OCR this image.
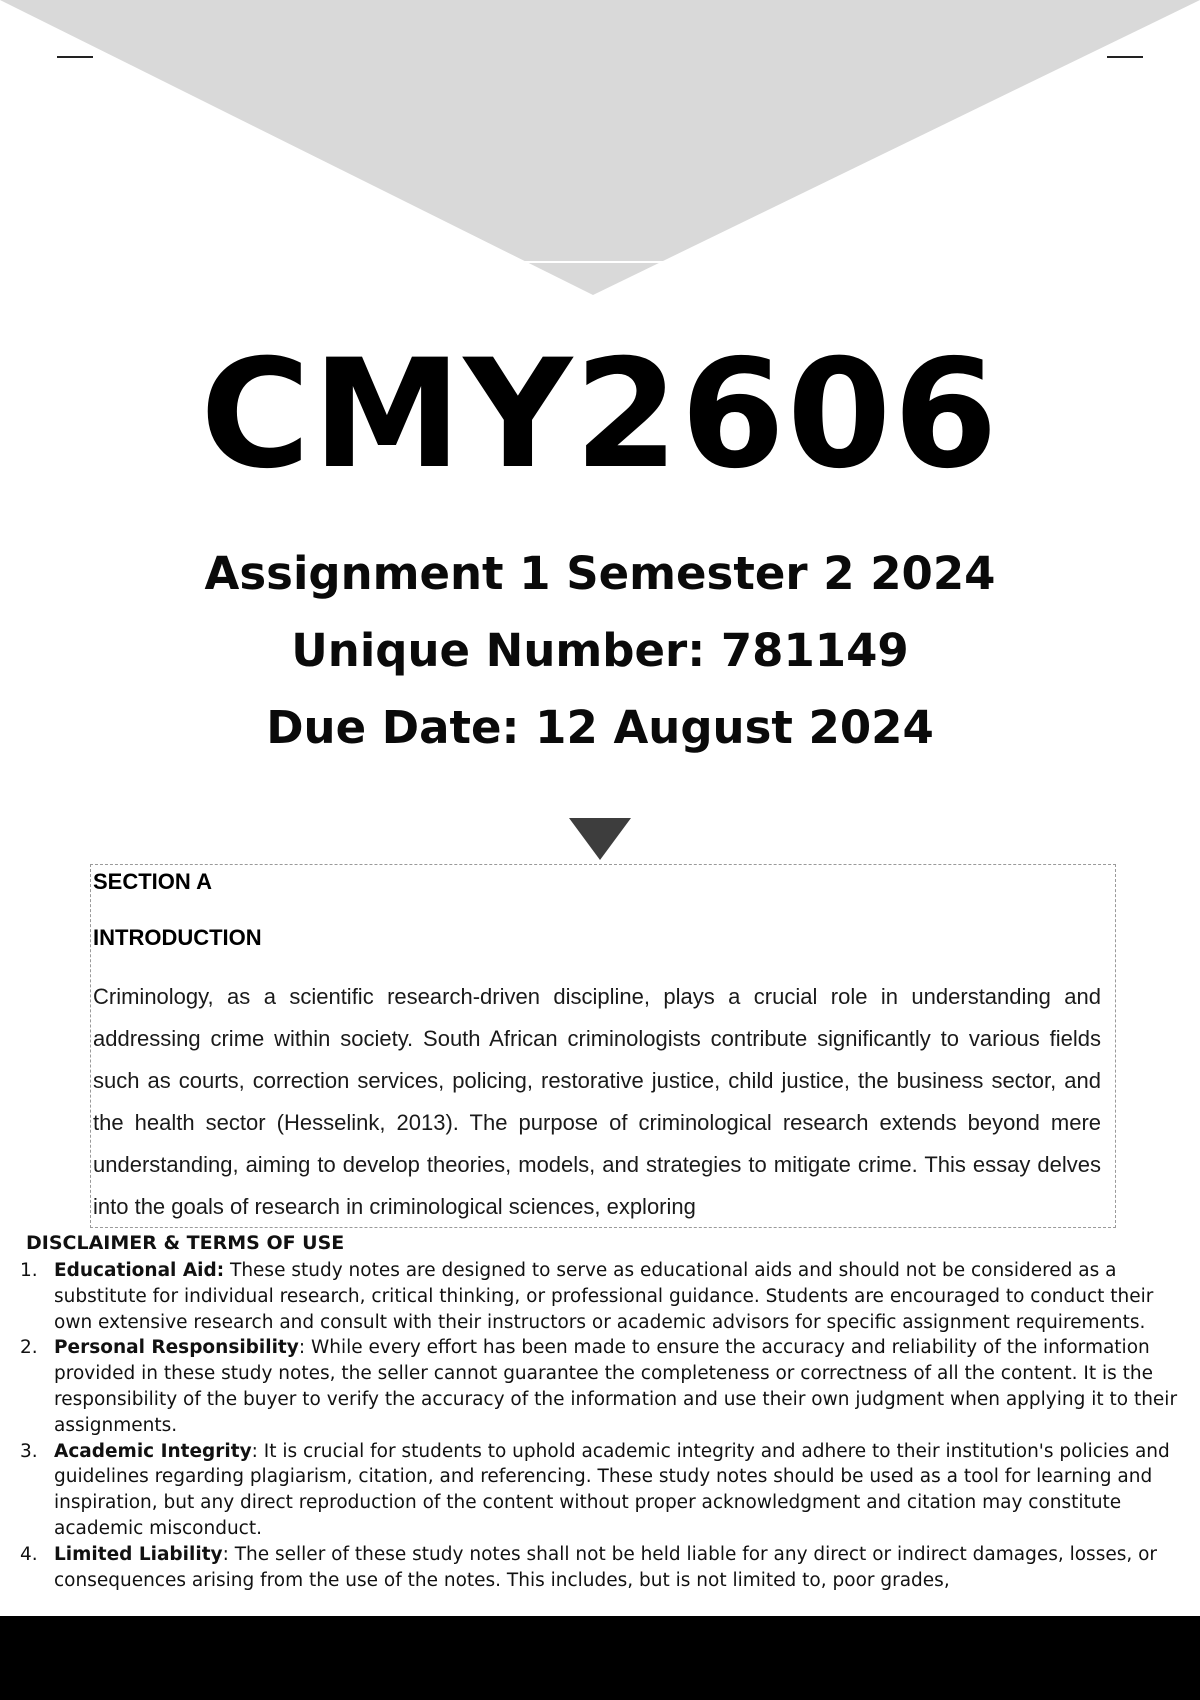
CMY2606
Assignment 1 Semester 2 2024
Unique Number: 781149
Due Date: 12 August 2024

SECTION A

INTRODUCTION

Criminology, as a scientific research-driven discipline, plays a crucial role in understanding and addressing crime within society. South African criminologists contribute significantly to various fields such as courts, correction services, policing, restorative justice, child justice, the business sector, and the health sector (Hesselink, 2013). The purpose of criminological research extends beyond mere understanding, aiming to develop theories, models, and strategies to mitigate crime. This essay delves into the goals of research in criminological sciences, exploring

DISCLAIMER & TERMS OF USE
1. Educational Aid: These study notes are designed to serve as educational aids and should not be considered as a substitute for individual research, critical thinking, or professional guidance. Students are encouraged to conduct their own extensive research and consult with their instructors or academic advisors for specific assignment requirements.
2. Personal Responsibility: While every effort has been made to ensure the accuracy and reliability of the information provided in these study notes, the seller cannot guarantee the completeness or correctness of all the content. It is the responsibility of the buyer to verify the accuracy of the information and use their own judgment when applying it to their assignments.
3. Academic Integrity: It is crucial for students to uphold academic integrity and adhere to their institution's policies and guidelines regarding plagiarism, citation, and referencing. These study notes should be used as a tool for learning and inspiration, but any direct reproduction of the content without proper acknowledgment and citation may constitute academic misconduct.
4. Limited Liability: The seller of these study notes shall not be held liable for any direct or indirect damages, losses, or consequences arising from the use of the notes. This includes, but is not limited to, poor grades,
